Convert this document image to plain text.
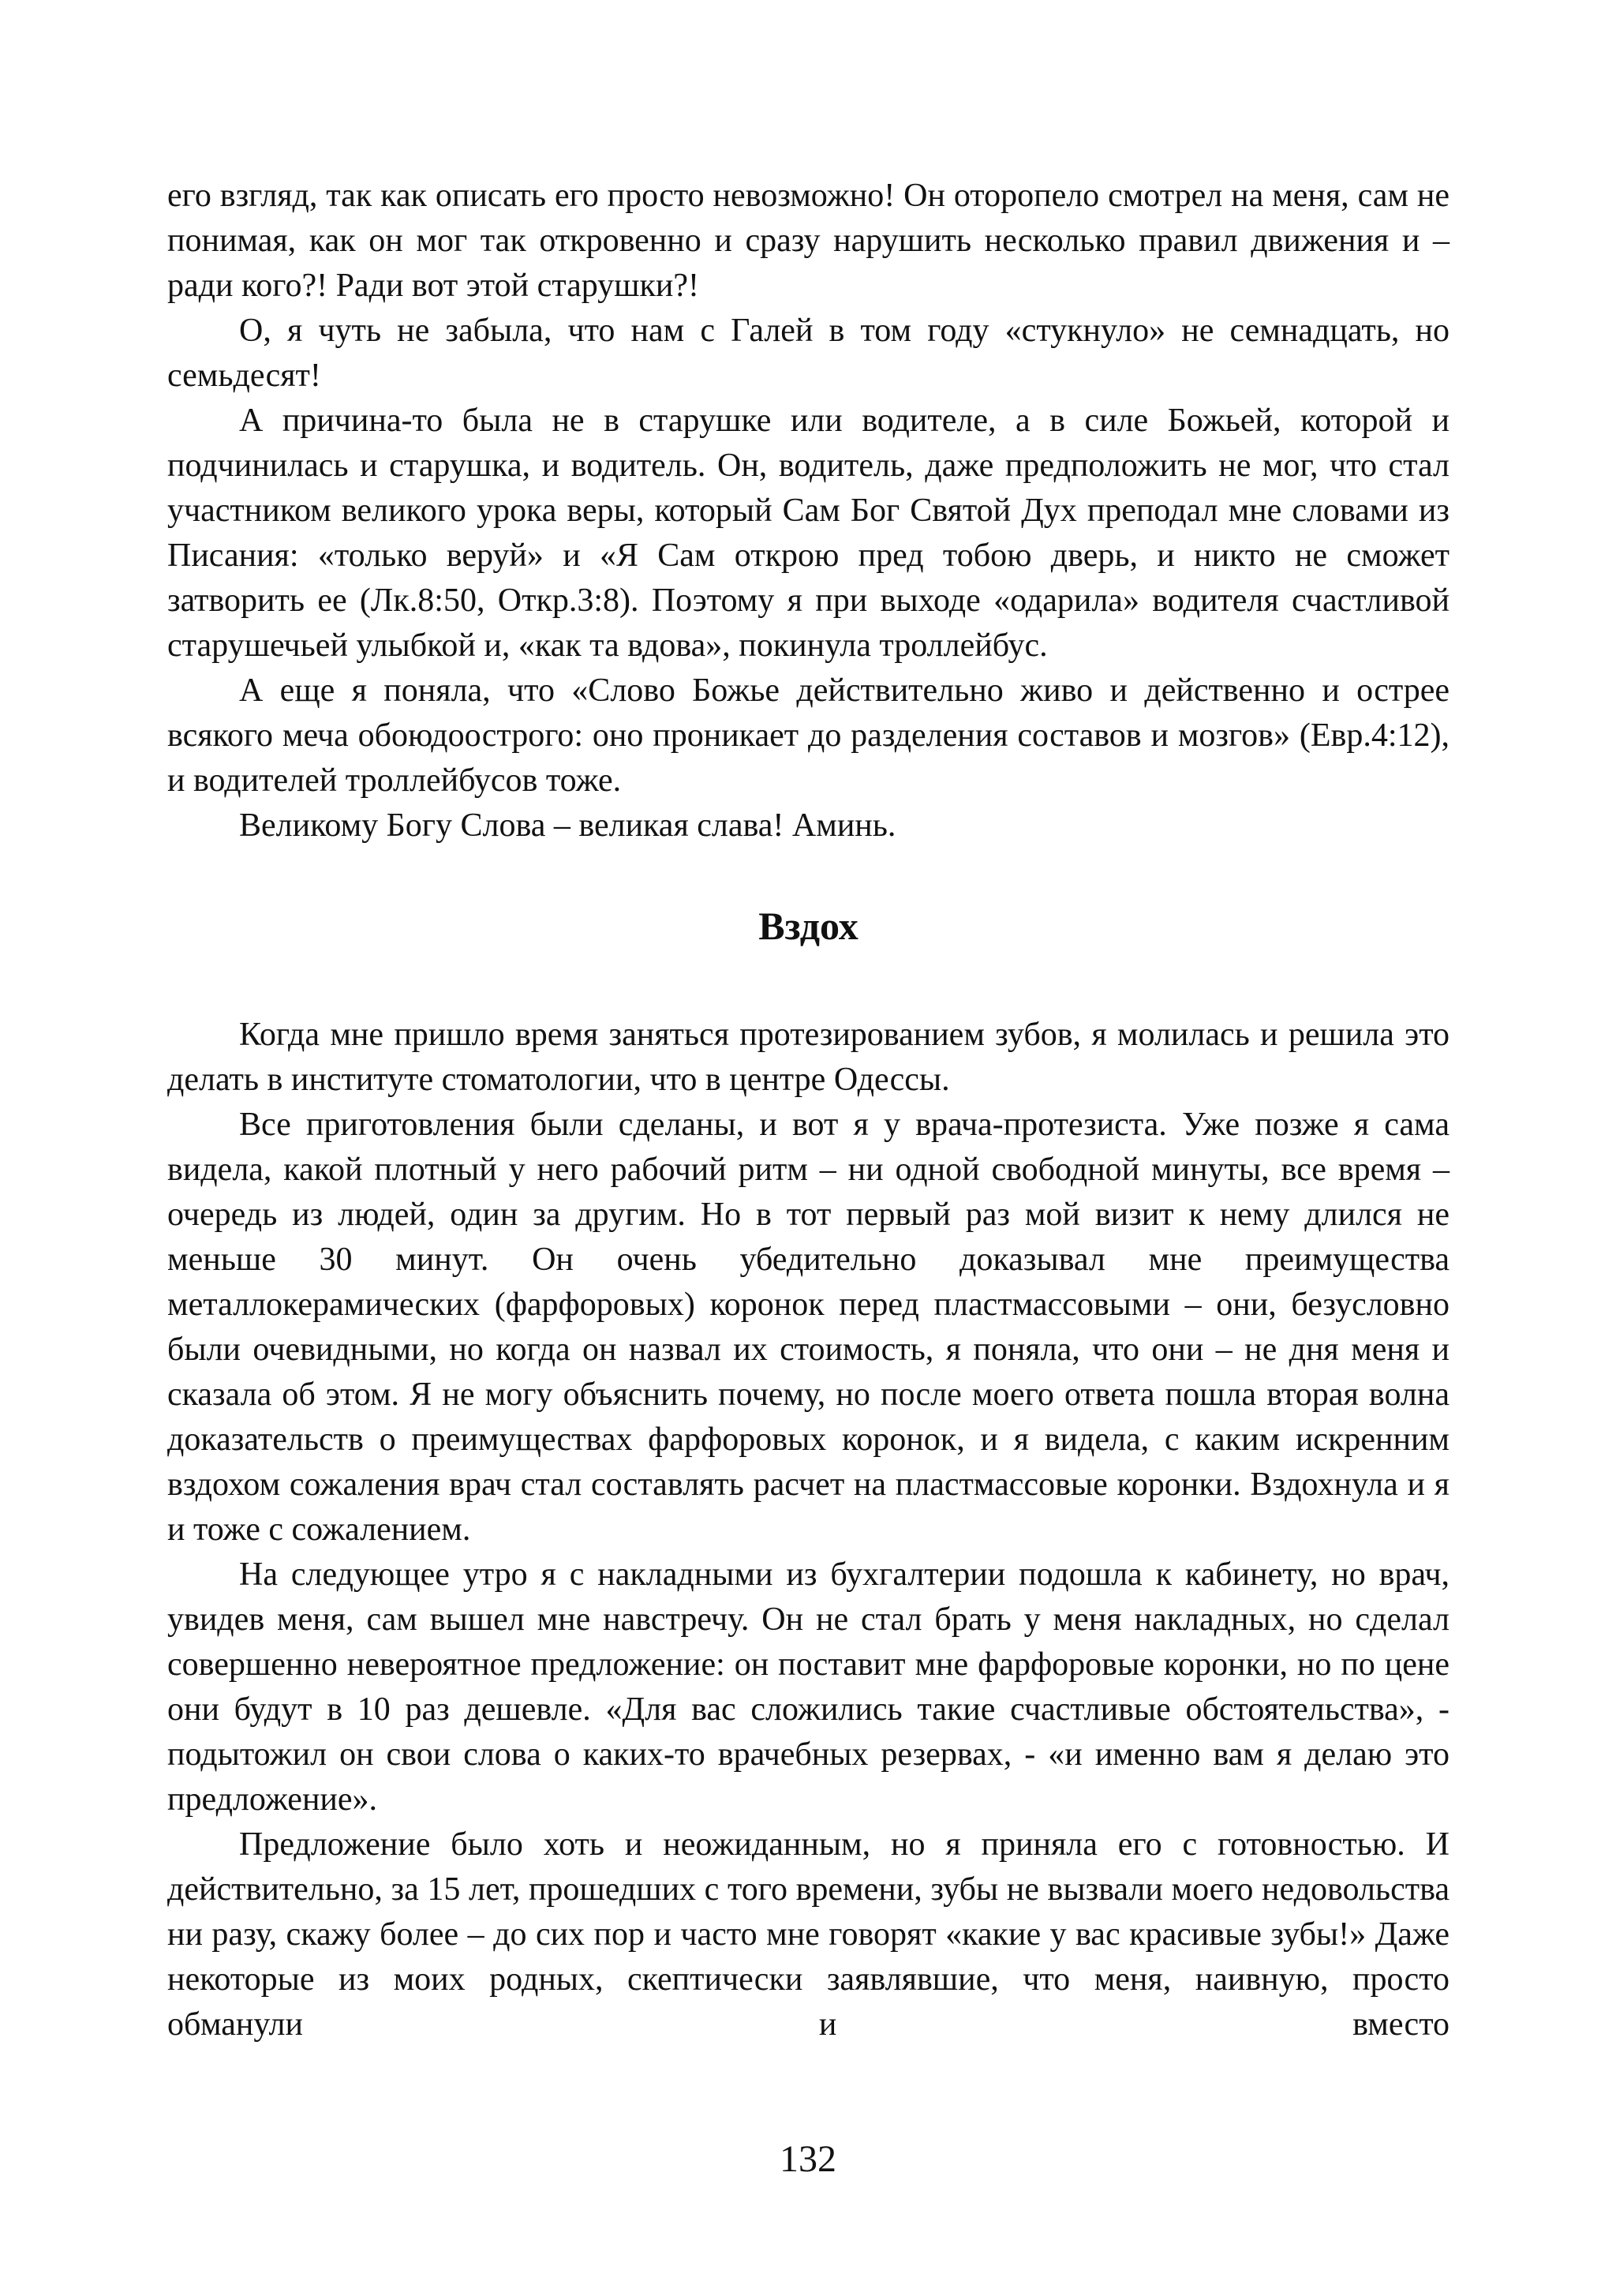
его взгляд, так как описать его просто невозможно! Он оторопело смотрел на меня, сам не понимая, как он мог так откровенно и сразу нарушить несколько правил движения и – ради кого?! Ради вот этой старушки?!

О, я чуть не забыла, что нам с Галей в том году «стукнуло» не семнадцать, но семьдесят!

А причина-то была не в старушке или водителе, а в силе Божьей, которой и подчинилась и старушка, и водитель. Он, водитель, даже предположить не мог, что стал участником великого урока веры, который Сам Бог Святой Дух преподал мне словами из Писания: «только веруй» и «Я Сам открою пред тобою дверь, и никто не сможет затворить ее (Лк.8:50, Откр.3:8). Поэтому я при выходе «одарила» водителя счастливой старушечьей улыбкой и, «как та вдова», покинула троллейбус.

А еще я поняла, что «Слово Божье действительно живо и действенно и острее всякого меча обоюдоострого: оно проникает до разделения составов и мозгов» (Евр.4:12), и водителей троллейбусов тоже.

Великому Богу Слова – великая слава! Аминь.

Вздох

Когда мне пришло время заняться протезированием зубов, я молилась и решила это делать в институте стоматологии, что в центре Одессы.

Все приготовления были сделаны, и вот я у врача-протезиста. Уже позже я сама видела, какой плотный у него рабочий ритм – ни одной свободной минуты, все время – очередь из людей, один за другим. Но в тот первый раз мой визит к нему длился не меньше 30 минут. Он очень убедительно доказывал мне преимущества металлокерамических (фарфоровых) коронок перед пластмассовыми – они, безусловно были очевидными, но когда он назвал их стоимость, я поняла, что они – не дня меня и сказала об этом. Я не могу объяснить почему, но после моего ответа пошла вторая волна доказательств о преимуществах фарфоровых коронок, и я видела, с каким искренним вздохом сожаления врач стал составлять расчет на пластмассовые коронки. Вздохнула и я и тоже с сожалением.

На следующее утро я с накладными из бухгалтерии подошла к кабинету, но врач, увидев меня, сам вышел мне навстречу. Он не стал брать у меня накладных, но сделал совершенно невероятное предложение: он поставит мне фарфоровые коронки, но по цене они будут в 10 раз дешевле. «Для вас сложились такие счастливые обстоятельства», - подытожил он свои слова о каких-то врачебных резервах, - «и именно вам я делаю это предложение».

Предложение было хоть и неожиданным, но я приняла его с готовностью. И действительно, за 15 лет, прошедших с того времени, зубы не вызвали моего недовольства ни разу, скажу более – до сих пор и часто мне говорят «какие у вас красивые зубы!» Даже некоторые из моих родных, скептически заявлявшие, что меня, наивную, просто обманули и вместо

132
